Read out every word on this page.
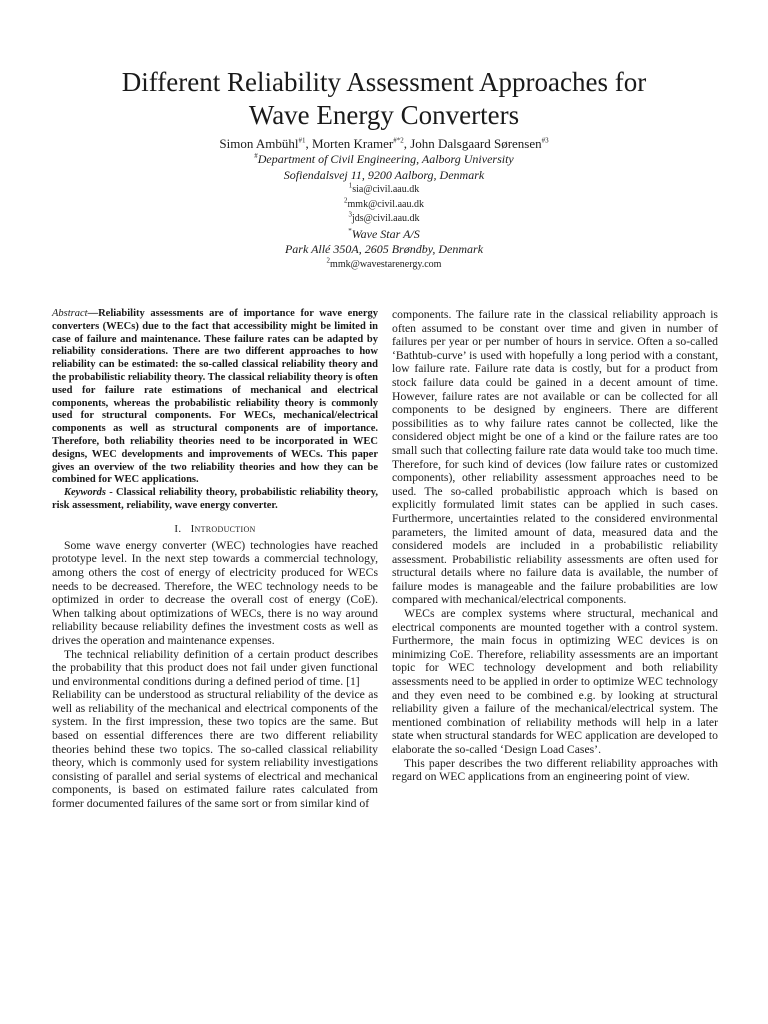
Different Reliability Assessment Approaches for
Wave Energy Converters
Simon Ambühl$^{\#1}$, Morten Kramer$^{\#*2}$, John Dalsgaard Sørensen$^{\#3}$
#Department of Civil Engineering, Aalborg University
Sofiendalsvej 11, 9200 Aalborg, Denmark
$^1$sia@civil.aau.dk
$^2$mmk@civil.aau.dk
$^3$jds@civil.aau.dk
*Wave Star A/S
Park Allé 350A, 2605 Brøndby, Denmark
$^2$mmk@wavestarenergy.com

Abstract—Reliability assessments are of importance for wave energy converters (WECs) due to the fact that accessibility might be limited in case of failure and maintenance. These failure rates can be adapted by reliability considerations. There are two different approaches to how reliability can be estimated: the so-called classical reliability theory and the probabilistic reliability theory. The classical reliability theory is often used for failure rate estimations of mechanical and electrical components, whereas the probabilistic reliability theory is commonly used for structural components. For WECs, mechanical/electrical components as well as structural components are of importance. Therefore, both reliability theories need to be incorporated in WEC designs, WEC developments and improvements of WECs. This paper gives an overview of the two reliability theories and how they can be combined for WEC applications.

Keywords - Classical reliability theory, probabilistic reliability theory, risk assessment, reliability, wave energy converter.

I. Introduction

Some wave energy converter (WEC) technologies have reached prototype level. In the next step towards a commercial technology, among others the cost of energy of electricity produced for WECs needs to be decreased. Therefore, the WEC technology needs to be optimized in order to decrease the overall cost of energy (CoE). When talking about optimizations of WECs, there is no way around reliability because reliability defines the investment costs as well as drives the operation and maintenance expenses.

The technical reliability definition of a certain product describes the probability that this product does not fail under given functional und environmental conditions during a defined period of time. [1]

Reliability can be understood as structural reliability of the device as well as reliability of the mechanical and electrical components of the system. In the first impression, these two topics are the same. But based on essential differences there are two different reliability theories behind these two topics. The so-called classical reliability theory, which is commonly used for system reliability investigations consisting of parallel and serial systems of electrical and mechanical components, is based on estimated failure rates calculated from former documented failures of the same sort or from similar kind of

components. The failure rate in the classical reliability approach is often assumed to be constant over time and given in number of failures per year or per number of hours in service. Often a so-called ‘Bathtub-curve’ is used with hopefully a long period with a constant, low failure rate. Failure rate data is costly, but for a product from stock failure data could be gained in a decent amount of time. However, failure rates are not available or can be collected for all components to be designed by engineers. There are different possibilities as to why failure rates cannot be collected, like the considered object might be one of a kind or the failure rates are too small such that collecting failure rate data would take too much time. Therefore, for such kind of devices (low failure rates or customized components), other reliability assessment approaches need to be used. The so-called probabilistic approach which is based on explicitly formulated limit states can be applied in such cases. Furthermore, uncertainties related to the considered environmental parameters, the limited amount of data, measured data and the considered models are included in a probabilistic reliability assessment. Probabilistic reliability assessments are often used for structural details where no failure data is available, the number of failure modes is manageable and the failure probabilities are low compared with mechanical/electrical components.

WECs are complex systems where structural, mechanical and electrical components are mounted together with a control system. Furthermore, the main focus in optimizing WEC devices is on minimizing CoE. Therefore, reliability assessments are an important topic for WEC technology development and both reliability assessments need to be applied in order to optimize WEC technology and they even need to be combined e.g. by looking at structural reliability given a failure of the mechanical/electrical system. The mentioned combination of reliability methods will help in a later state when structural standards for WEC application are developed to elaborate the so-called ‘Design Load Cases’.

This paper describes the two different reliability approaches with regard on WEC applications from an engineering point of view.
